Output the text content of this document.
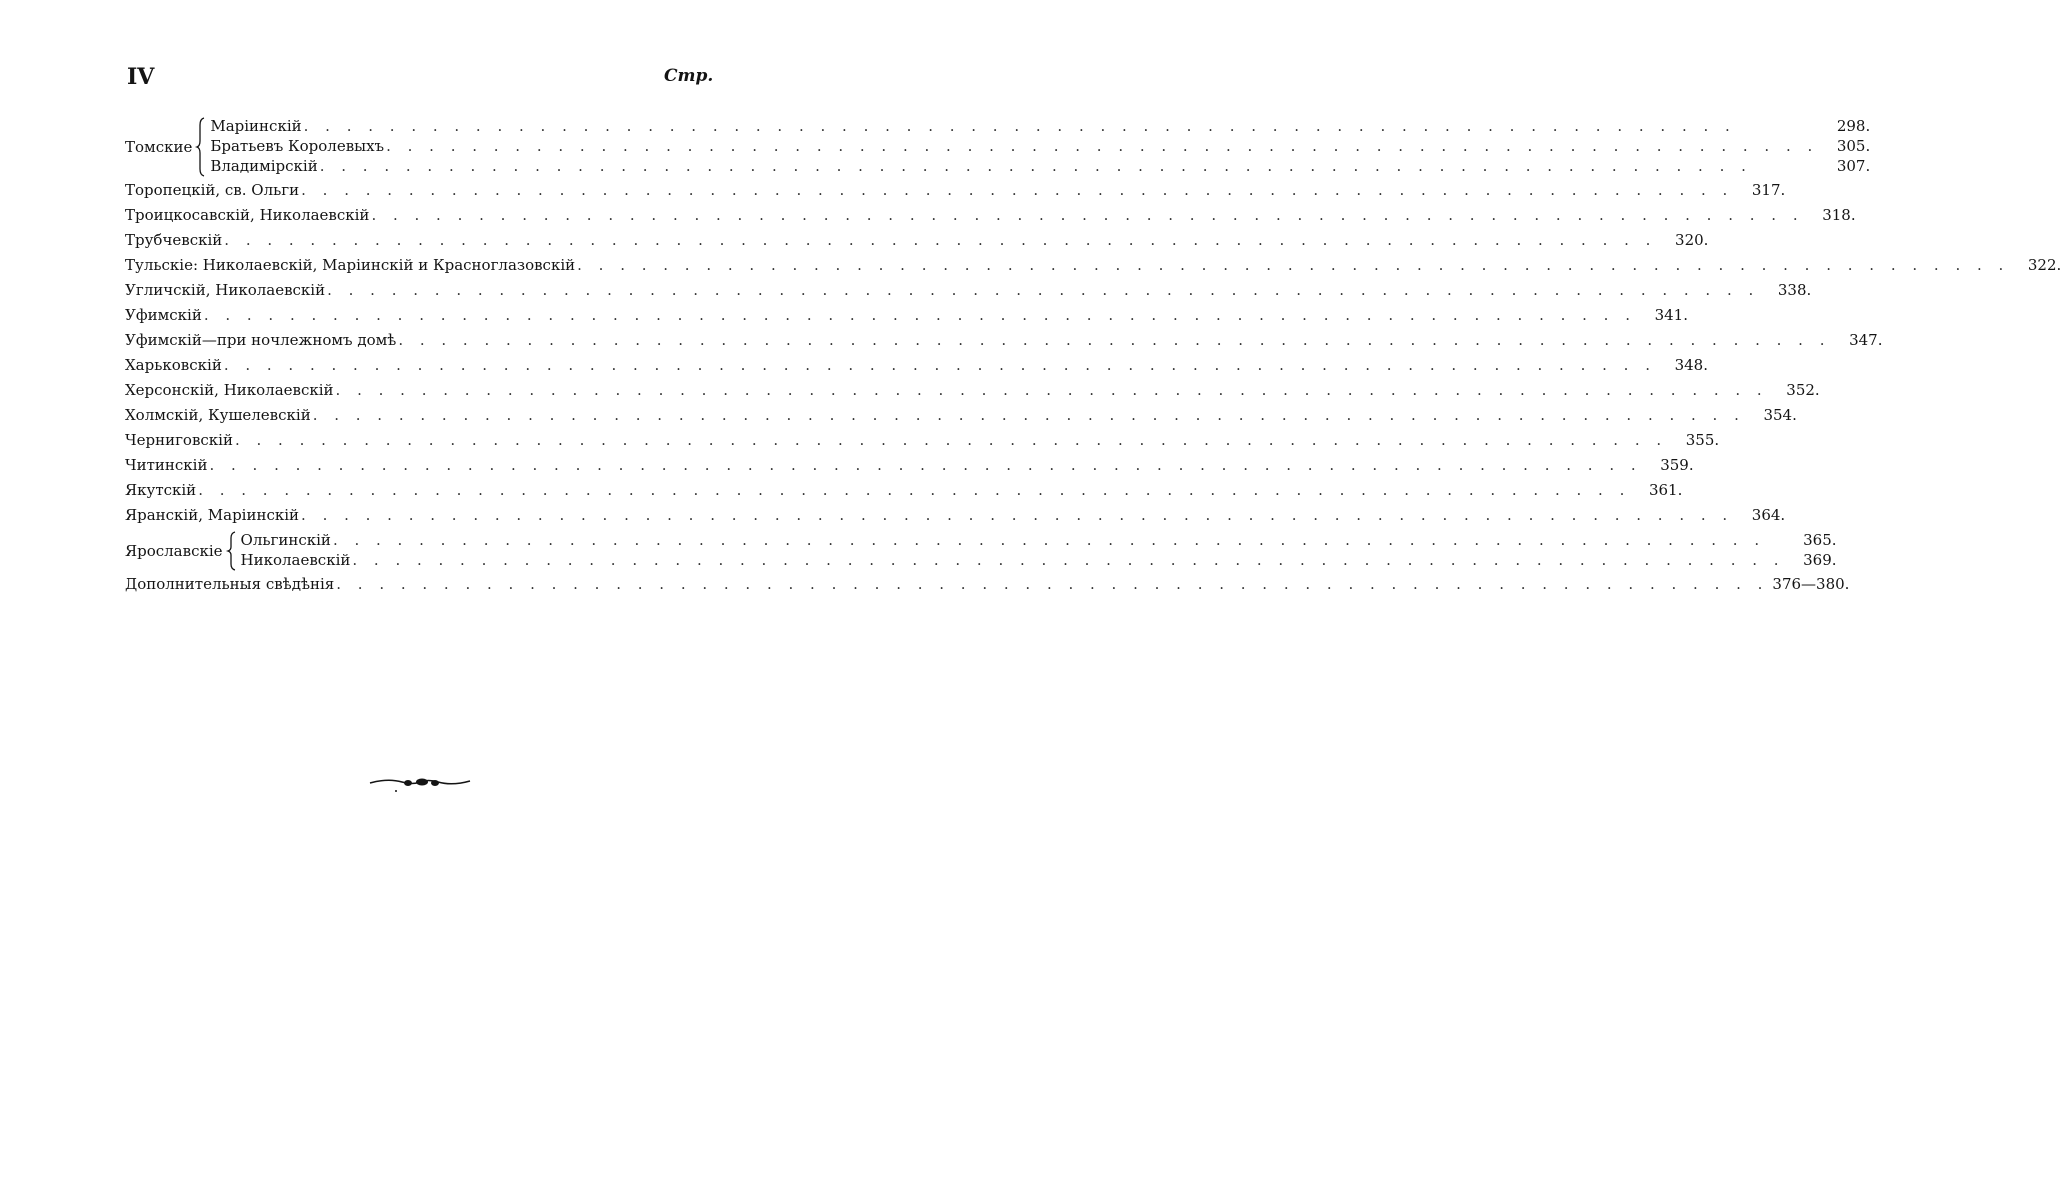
IV	Стр.
Томские
Маріинскій . . .	298.
Братьевъ Королевыхъ . . .	305.
Владимірскій . . .	307.
Торопецкій, св. Ольги . . .	317.
Троицкосавскій, Николаевскій . . .	318.
Трубчевскій . . .	320.
Тульскіе: Николаевскій, Маріинскій и Красноглазовскій . . .	322.
Угличскій, Николаевскій . . .	338.
Уфимскій . . .	341.
Уфимскій—при ночлежномъ домѣ . . .	347.
Харьковскій . . .	348.
Херсонскій, Николаевскій . . .	352.
Холмскій, Кушелевскій . . .	354.
Черниговскій . . .	355.
Читинскій . . .	359.
Якутскій . . .	361.
Яранскій, Маріинскій . . .	364.
Ярославскіе
Ольгинскій . . .	365.
Николаевскій . . .	369.
Дополнительныя свѣдѣнія . . .	376—380.
